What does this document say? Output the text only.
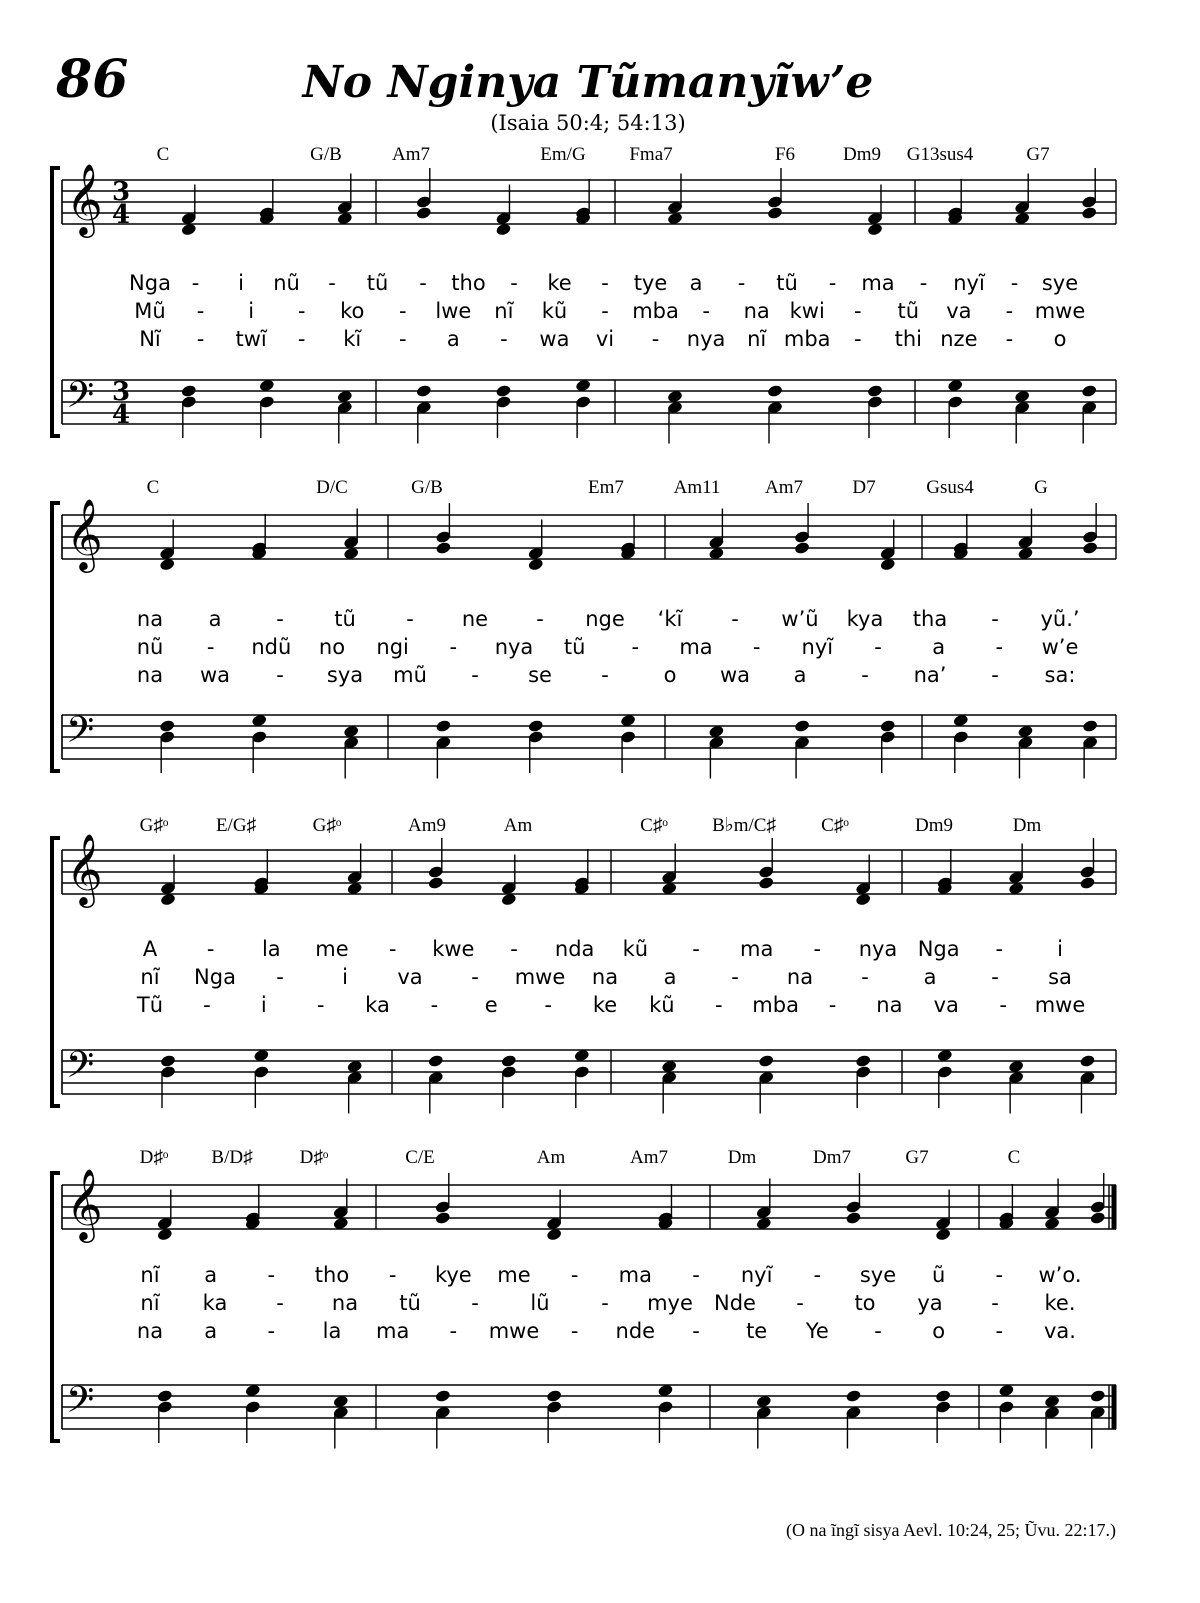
86	No Nginya Tũmanyĩw’e
(Isaia 50:4; 54:13)
C	G/B	Am7	Em/G Fma7	F6	Dm9 G13sus4	G7
Nga - i nũ - tũ - tho - ke - tye a - tũ - ma - nyĩ - sye
Mũ - i - ko - lwe nĩ kũ - mba - na kwi - tũ va - mwe
Nĩ - twĩ - kĩ - a - wa vi - nya nĩ mba - thi nze - o
𝄞 3
4
𝄢 3
4
C	D/C	G/B	Em7	Am11 Am7	D7	Gsus4	G
na a	- tũ - ne - nge ‘kĩ - w’ũ kya tha - yũ.’
nũ - ndũ no ngi - nya tũ - ma - nyĩ - a - w’e
na wa - sya mũ - se -	o wa a	- na’ - sa:
𝄞
𝄢
G♯ᵒ	E/G♯	G♯ᵒ	Am9	Am	C♯ᵒ B♭m/C♯ C♯ᵒ	Dm9	Dm
A - la me - kwe - nda kũ - ma - nya Nga -	i
nĩ Nga -	i va - mwe na a	- na -	a	- sa
Tũ - i - ka - e - ke kũ - mba - na va - mwe
𝄞
𝄢
D♯ᵒ B/D♯ D♯ᵒ	C/E	Am	Am7	Dm	Dm7	G7	C
nĩ a - tho - kye me - ma - nyĩ - sye ũ - w’o.
nĩ ka - na tũ - lũ - mye Nde - to ya - ke.
na a - la ma - mwe - nde - te Ye - o - va.
𝄞
𝄢
(O na ĩngĩ sisya Aevl. 10:24, 25; Ũvu. 22:17.)
